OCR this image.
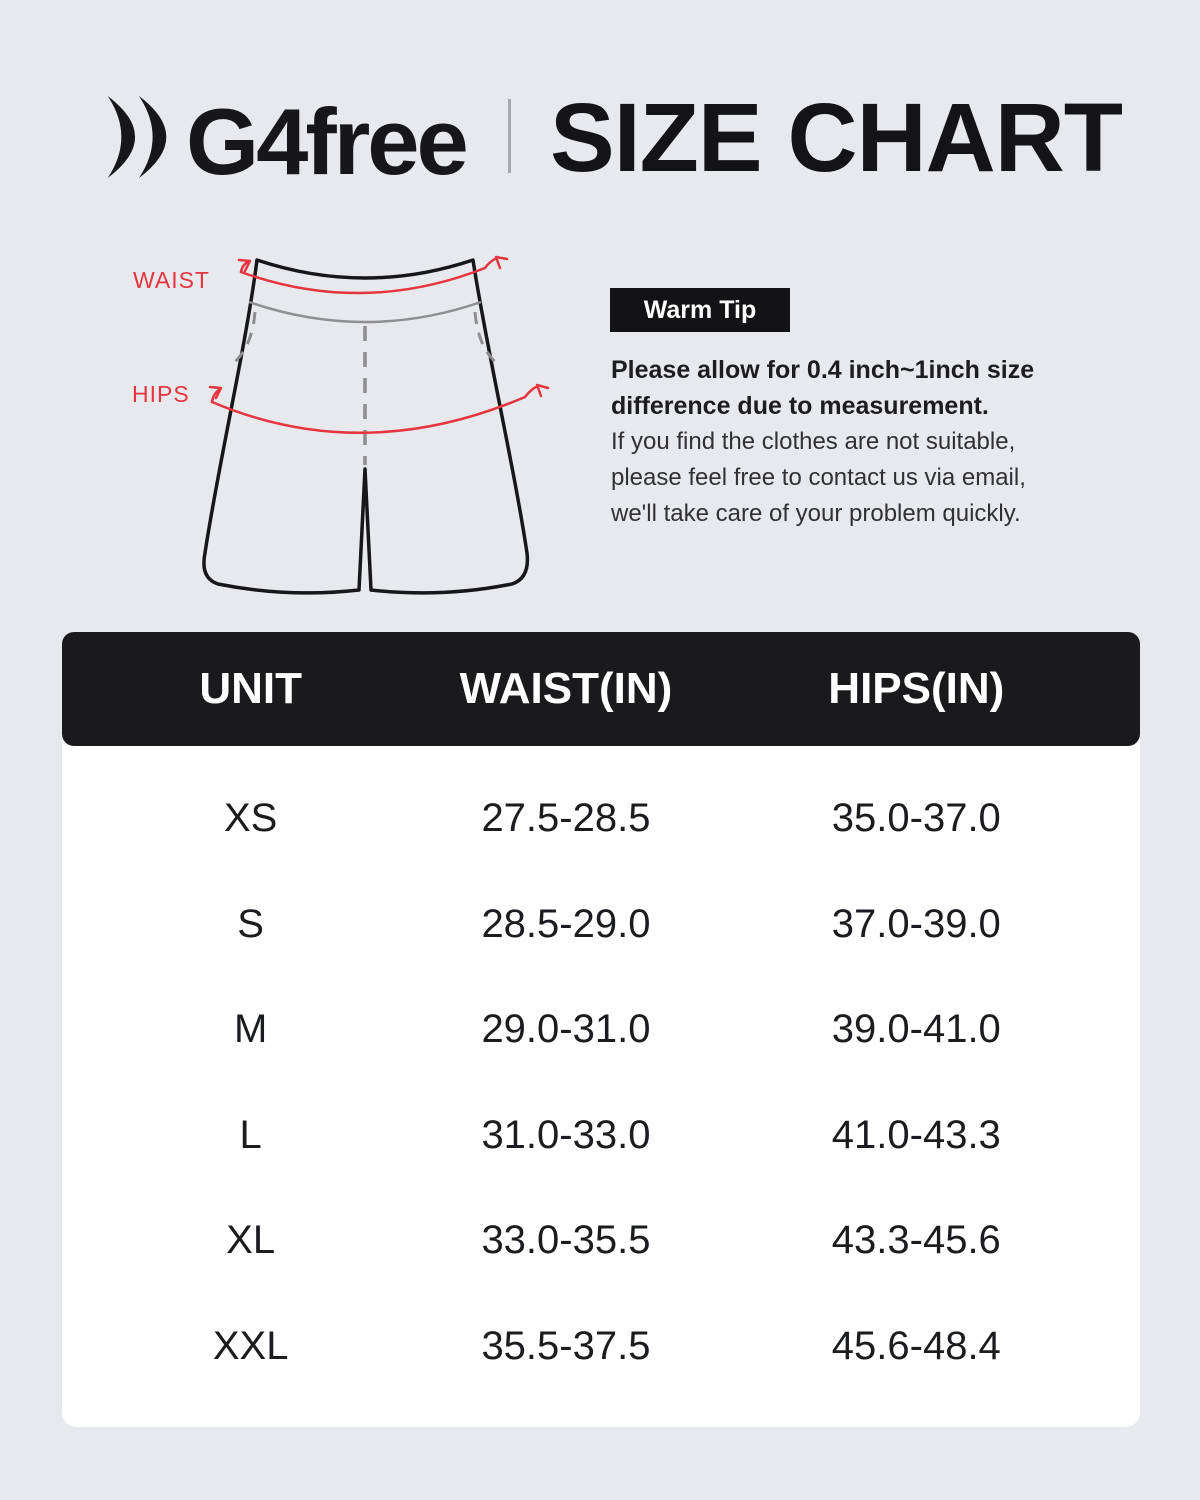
G4free SIZE CHART
WAIST
HIPS
Warm Tip
Please allow for 0.4 inch~1inch size
difference due to measurement.
If you find the clothes are not suitable,
please feel free to contact us via email,
we'll take care of your problem quickly.
UNIT	WAIST(IN)	HIPS(IN)
XS	27.5-28.5	35.0-37.0
S	28.5-29.0	37.0-39.0
M	29.0-31.0	39.0-41.0
L	31.0-33.0	41.0-43.3
XL	33.0-35.5	43.3-45.6
XXL	35.5-37.5	45.6-48.4
